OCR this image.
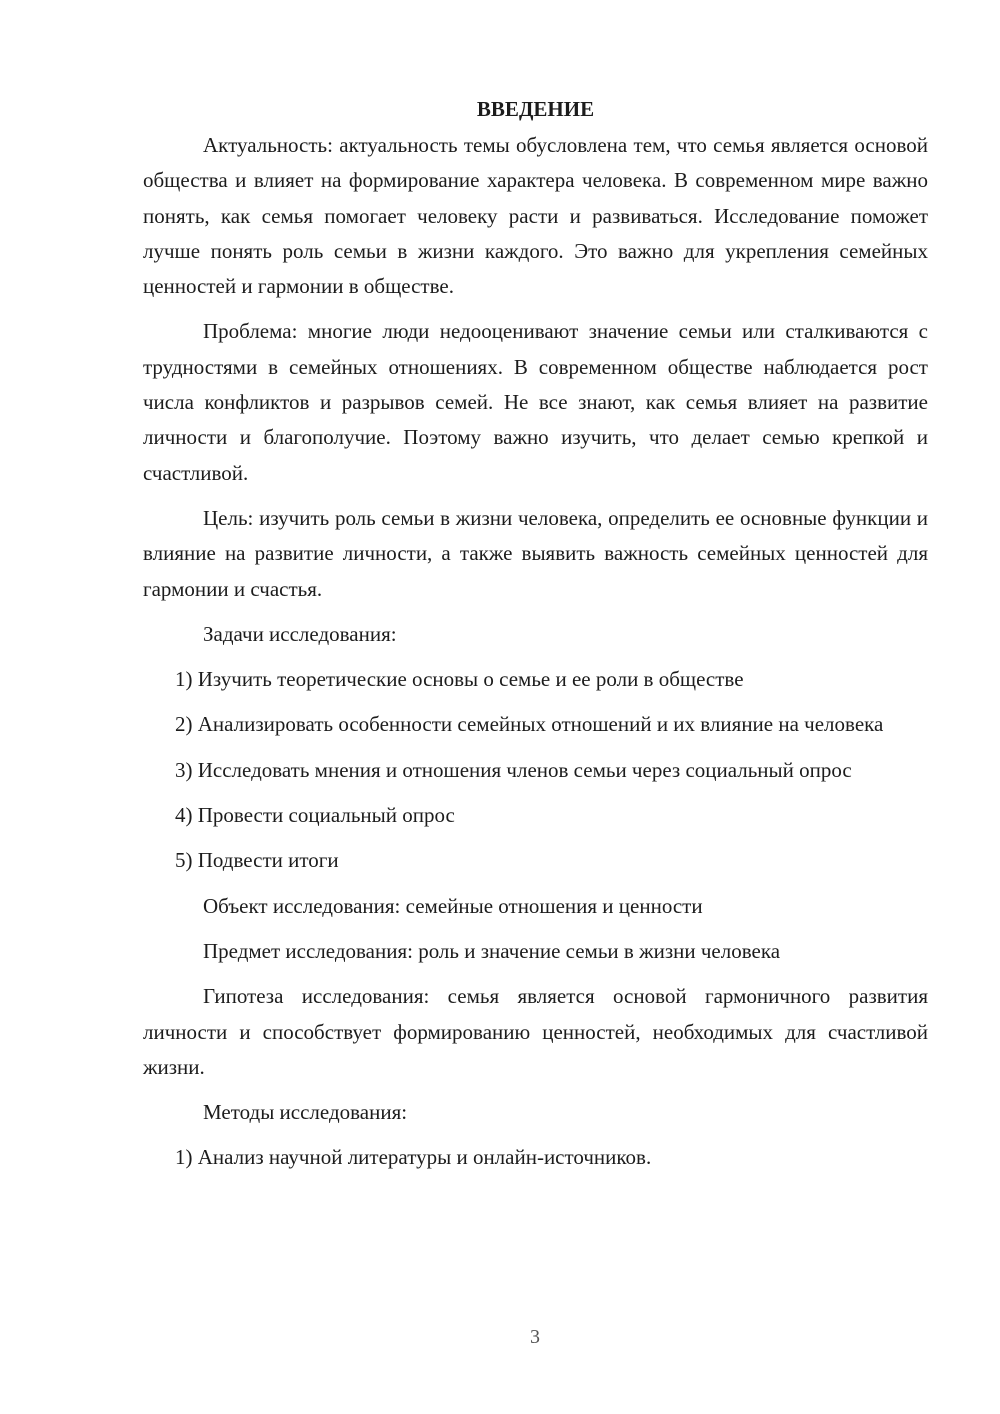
ВВЕДЕНИЕ

Актуальность: актуальность темы обусловлена тем, что семья является основой общества и влияет на формирование характера человека. В современном мире важно понять, как семья помогает человеку расти и развиваться. Исследование поможет лучше понять роль семьи в жизни каждого. Это важно для укрепления семейных ценностей и гармонии в обществе.

Проблема: многие люди недооценивают значение семьи или сталкиваются с трудностями в семейных отношениях. В современном обществе наблюдается рост числа конфликтов и разрывов семей. Не все знают, как семья влияет на развитие личности и благополучие. Поэтому важно изучить, что делает семью крепкой и счастливой.

Цель: изучить роль семьи в жизни человека, определить ее основные функции и влияние на развитие личности, а также выявить важность семейных ценностей для гармонии и счастья.

Задачи исследования:

1) Изучить теоретические основы о семье и ее роли в обществе

2) Анализировать особенности семейных отношений и их влияние на человека

3) Исследовать мнения и отношения членов семьи через социальный опрос

4) Провести социальный опрос

5) Подвести итоги

Объект исследования: семейные отношения и ценности

Предмет исследования: роль и значение семьи в жизни человека

Гипотеза исследования: семья является основой гармоничного развития личности и способствует формированию ценностей, необходимых для счастливой жизни.

Методы исследования:

1) Анализ научной литературы и онлайн-источников.

3
